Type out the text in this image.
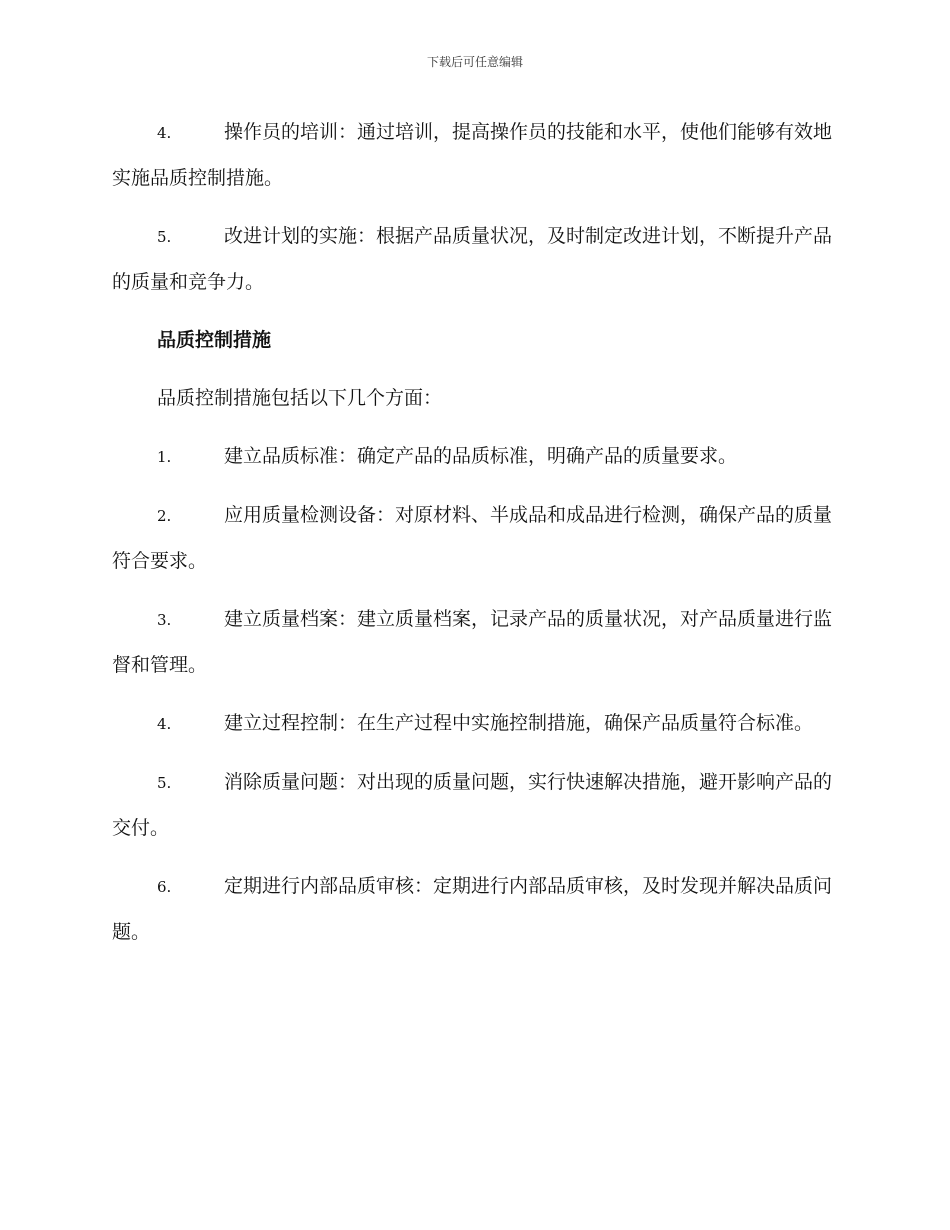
下载后可任意编辑

4.	操作员的培训：通过培训，提高操作员的技能和水平，使他们能够有效地实施品质控制措施。

5.	改进计划的实施：根据产品质量状况，及时制定改进计划，不断提升产品的质量和竞争力。

品质控制措施

品质控制措施包括以下几个方面：

1.	建立品质标准：确定产品的品质标准，明确产品的质量要求。

2.	应用质量检测设备：对原材料、半成品和成品进行检测，确保产品的质量符合要求。

3.	建立质量档案：建立质量档案，记录产品的质量状况，对产品质量进行监督和管理。

4.	建立过程控制：在生产过程中实施控制措施，确保产品质量符合标准。

5.	消除质量问题：对出现的质量问题，实行快速解决措施，避开影响产品的交付。

6.	定期进行内部品质审核：定期进行内部品质审核，及时发现并解决品质问题。
